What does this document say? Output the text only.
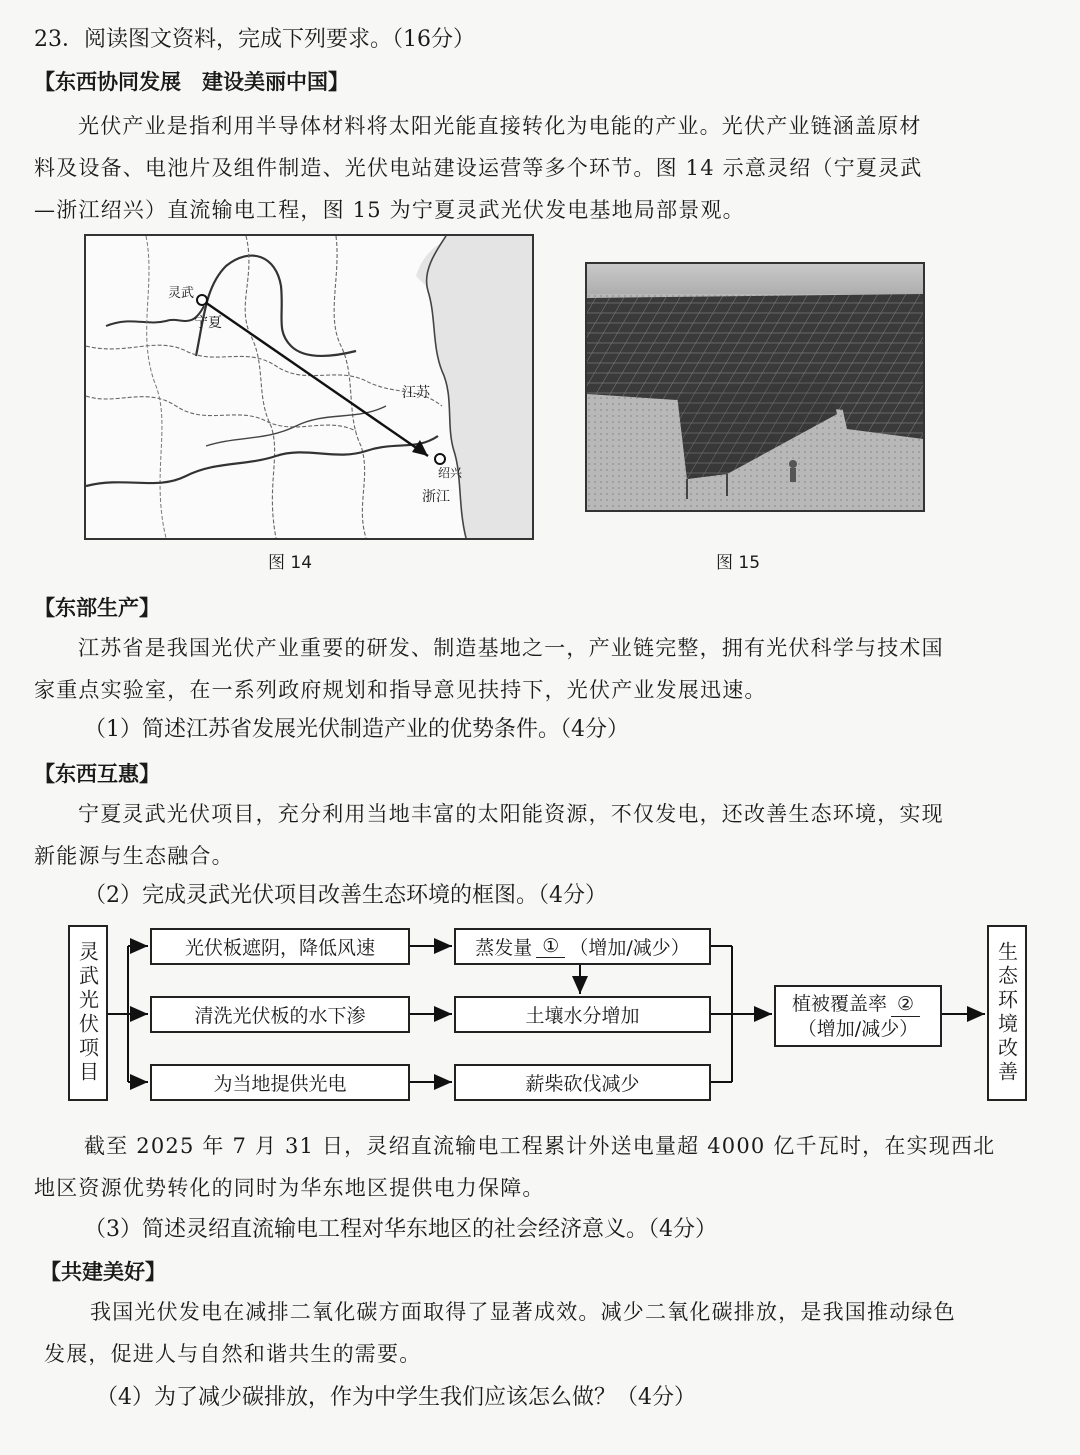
23．阅读图文资料，完成下列要求。（16分）
【东西协同发展　建设美丽中国】
光伏产业是指利用半导体材料将太阳光能直接转化为电能的产业。光伏产业链涵盖原材
料及设备、电池片及组件制造、光伏电站建设运营等多个环节。图 14 示意灵绍（宁夏灵武
—浙江绍兴）直流输电工程，图 15 为宁夏灵武光伏发电基地局部景观。
灵武
宁夏
江苏
绍兴
浙江
图 14	图 15
【东部生产】
江苏省是我国光伏产业重要的研发、制造基地之一，产业链完整，拥有光伏科学与技术国
家重点实验室，在一系列政府规划和指导意见扶持下，光伏产业发展迅速。
（1）简述江苏省发展光伏制造产业的优势条件。（4分）
【东西互惠】
宁夏灵武光伏项目，充分利用当地丰富的太阳能资源，不仅发电，还改善生态环境，实现
新能源与生态融合。
（2）完成灵武光伏项目改善生态环境的框图。（4分）
灵武光伏项目	光伏板遮阴，降低风速
清洗光伏板的水下渗
为当地提供光电
蒸发量 ① （增加/减少）
土壤水分增加
薪柴砍伐减少
植被覆盖率 ②
（增加/减少）	生态环境改善
截至 2025 年 7 月 31 日，灵绍直流输电工程累计外送电量超 4000 亿千瓦时，在实现西北
地区资源优势转化的同时为华东地区提供电力保障。
（3）简述灵绍直流输电工程对华东地区的社会经济意义。（4分）
【共建美好】
我国光伏发电在减排二氧化碳方面取得了显著成效。减少二氧化碳排放，是我国推动绿色
发展，促进人与自然和谐共生的需要。
（4）为了减少碳排放，作为中学生我们应该怎么做？（4分）
